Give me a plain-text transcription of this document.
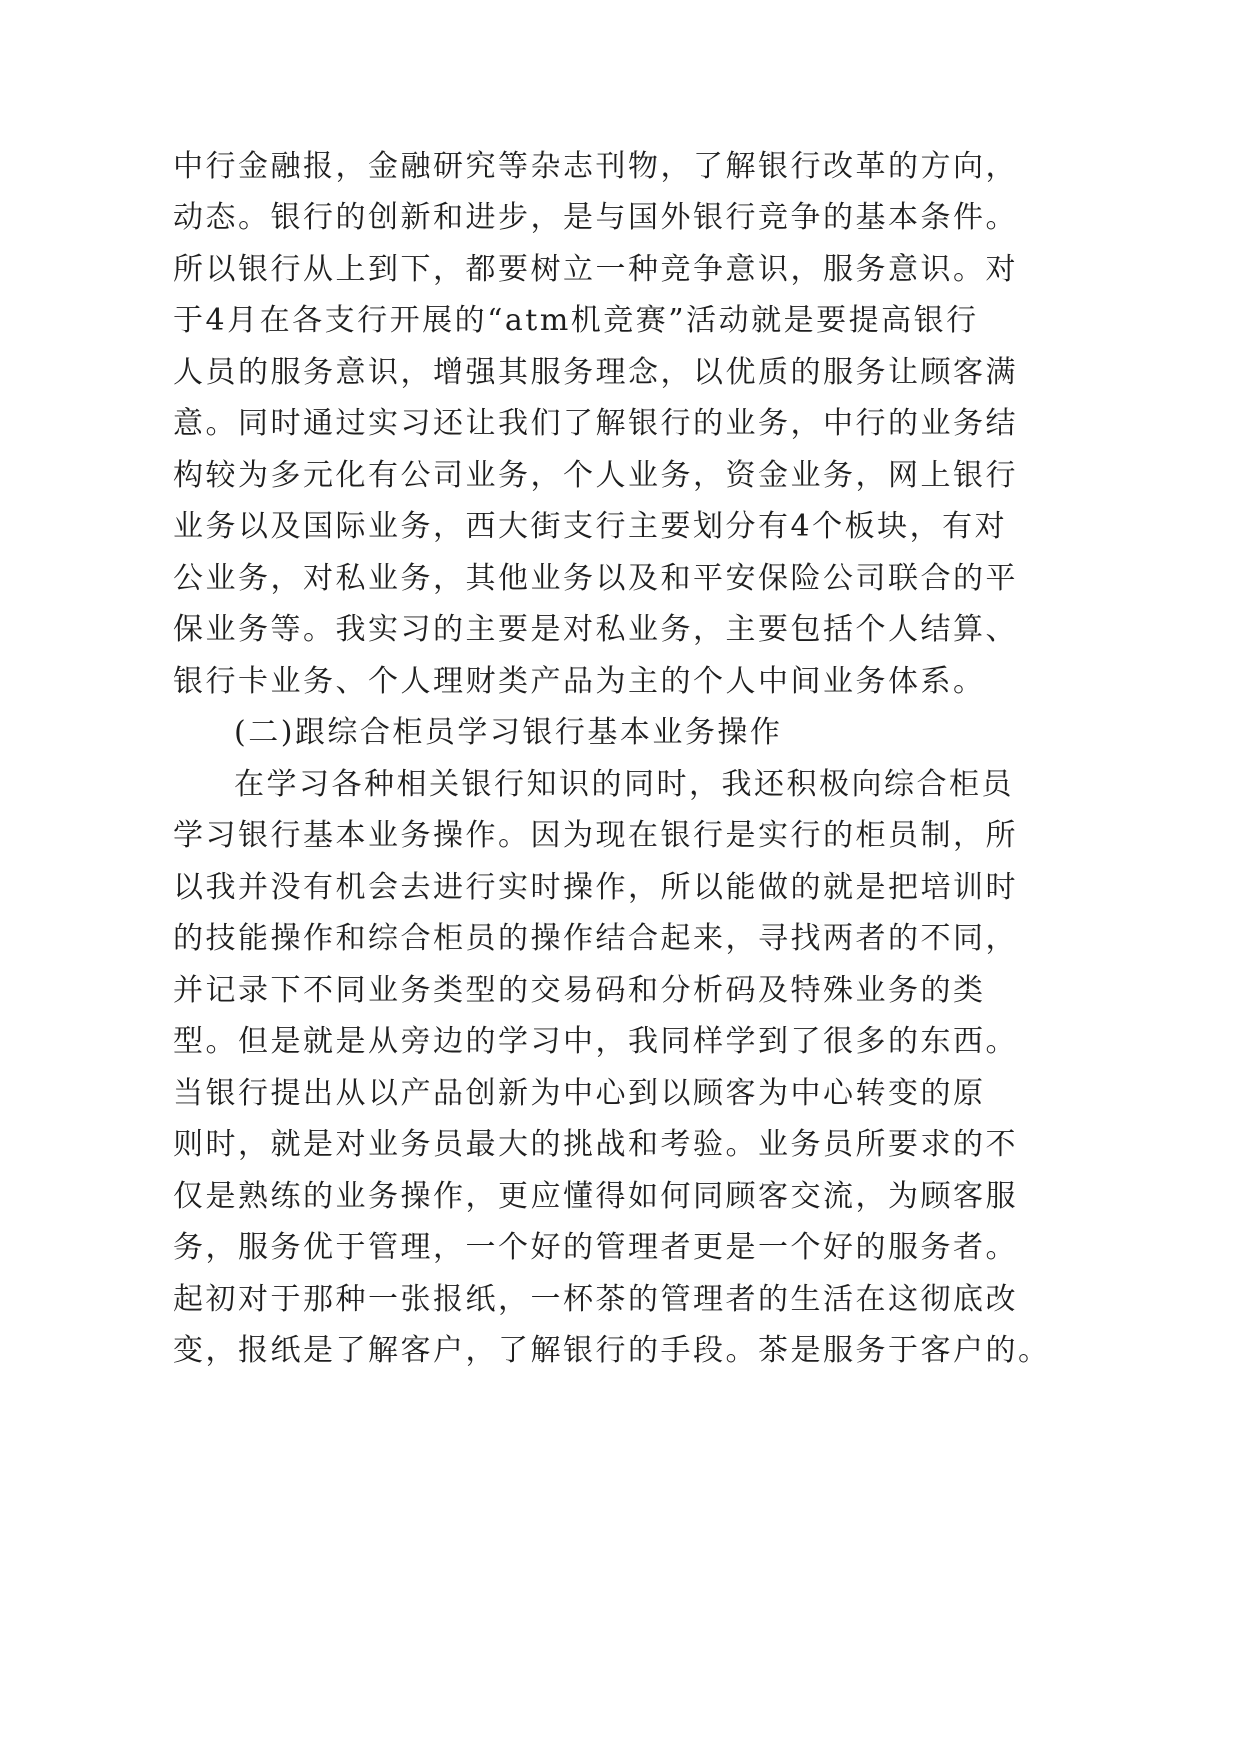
中行金融报，金融研究等杂志刊物，了解银行改革的方向，
动态。银行的创新和进步，是与国外银行竞争的基本条件。
所以银行从上到下，都要树立一种竞争意识，服务意识。对
于4月在各支行开展的“atm机竞赛”活动就是要提高银行
人员的服务意识，增强其服务理念，以优质的服务让顾客满
意。同时通过实习还让我们了解银行的业务，中行的业务结
构较为多元化有公司业务，个人业务，资金业务，网上银行
业务以及国际业务，西大街支行主要划分有4个板块，有对
公业务，对私业务，其他业务以及和平安保险公司联合的平
保业务等。我实习的主要是对私业务，主要包括个人结算、
银行卡业务、个人理财类产品为主的个人中间业务体系。
(二)跟综合柜员学习银行基本业务操作
在学习各种相关银行知识的同时，我还积极向综合柜员
学习银行基本业务操作。因为现在银行是实行的柜员制，所
以我并没有机会去进行实时操作，所以能做的就是把培训时
的技能操作和综合柜员的操作结合起来，寻找两者的不同，
并记录下不同业务类型的交易码和分析码及特殊业务的类
型。但是就是从旁边的学习中，我同样学到了很多的东西。
当银行提出从以产品创新为中心到以顾客为中心转变的原
则时，就是对业务员最大的挑战和考验。业务员所要求的不
仅是熟练的业务操作，更应懂得如何同顾客交流，为顾客服
务，服务优于管理，一个好的管理者更是一个好的服务者。
起初对于那种一张报纸，一杯茶的管理者的生活在这彻底改
变，报纸是了解客户，了解银行的手段。茶是服务于客户的。
